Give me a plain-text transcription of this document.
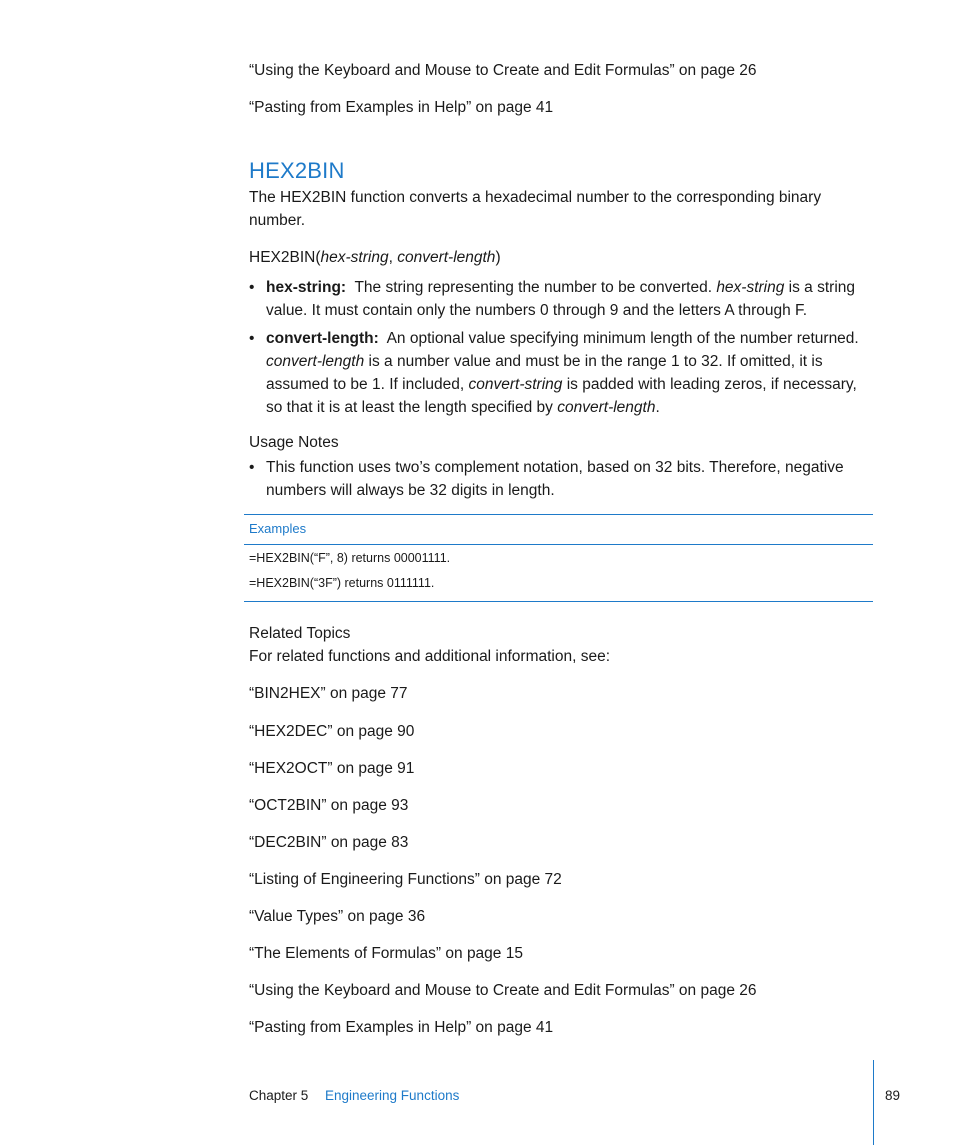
“Using the Keyboard and Mouse to Create and Edit Formulas” on page 26
“Pasting from Examples in Help” on page 41
HEX2BIN
The HEX2BIN function converts a hexadecimal number to the corresponding binary number.
HEX2BIN(hex-string, convert-length)
• hex-string: The string representing the number to be converted. hex-string is a string value. It must contain only the numbers 0 through 9 and the letters A through F.
• convert-length: An optional value specifying minimum length of the number returned. convert-length is a number value and must be in the range 1 to 32. If omitted, it is assumed to be 1. If included, convert-string is padded with leading zeros, if necessary, so that it is at least the length specified by convert-length.
Usage Notes
• This function uses two’s complement notation, based on 32 bits. Therefore, negative numbers will always be 32 digits in length.
Examples
=HEX2BIN(“F”, 8) returns 00001111.
=HEX2BIN(“3F”) returns 0111111.
Related Topics
For related functions and additional information, see:
“BIN2HEX” on page 77
“HEX2DEC” on page 90
“HEX2OCT” on page 91
“OCT2BIN” on page 93
“DEC2BIN” on page 83
“Listing of Engineering Functions” on page 72
“Value Types” on page 36
“The Elements of Formulas” on page 15
“Using the Keyboard and Mouse to Create and Edit Formulas” on page 26
“Pasting from Examples in Help” on page 41
Chapter 5 Engineering Functions	89
